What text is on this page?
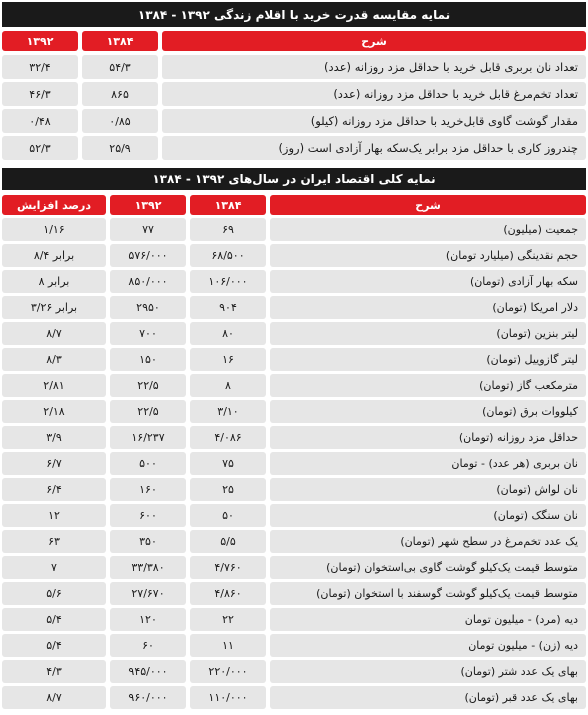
نمایه مقایسه قدرت خرید با اقلام زندگی ۱۳۹۲ - ۱۳۸۴
۱۳۹۲	۱۳۸۴	شرح
۳۲/۴	۵۴/۳	تعداد نان بربری قابل خرید با حداقل مزد روزانه (عدد)
۴۶/۳	۸۶۵	تعداد تخم‌مرغ قابل خرید با حداقل مزد روزانه (عدد)
۰/۴۸	۰/۸۵	مقدار گوشت گاوی قابل‌خرید با حداقل مزد روزانه (کیلو)
۵۲/۳	۲۵/۹	چندروز کاری با حداقل مزد برابر یک‌سکه بهار آزادی است (روز)
نمایه کلی اقتصاد ایران در سال‌های ۱۳۹۲ - ۱۳۸۴
درصد افزایش	۱۳۹۲	۱۳۸۴	شرح
۱/۱۶	۷۷	۶۹	جمعیت (میلیون)
۸/۴ برابر	۵۷۶/۰۰۰	۶۸/۵۰۰	حجم نقدینگی (میلیارد تومان)
۸ برابر	۸۵۰/۰۰۰	۱۰۶/۰۰۰	سکه بهار آزادی (تومان)
۳/۲۶ برابر	۲۹۵۰	۹۰۴	دلار امریکا (تومان)
۸/۷	۷۰۰	۸۰	لیتر بنزین (تومان)
۸/۳	۱۵۰	۱۶	لیتر گازوییل (تومان)
۲/۸۱	۲۲/۵	۸	مترمکعب گاز (تومان)
۲/۱۸	۲۲/۵	۳/۱۰	کیلووات برق (تومان)
۳/۹	۱۶/۲۳۷	۴/۰۸۶	حداقل مزد روزانه (تومان)
۶/۷	۵۰۰	۷۵	نان بربری (هر عدد) - تومان
۶/۴	۱۶۰	۲۵	نان لواش (تومان)
۱۲	۶۰۰	۵۰	نان سنگک (تومان)
۶۳	۳۵۰	۵/۵	یک عدد تخم‌مرغ در سطح شهر (تومان)
۷	۳۳/۳۸۰	۴/۷۶۰	متوسط قیمت یک‌کیلو گوشت گاوی بی‌استخوان (تومان)
۵/۶	۲۷/۶۷۰	۴/۸۶۰	متوسط قیمت یک‌کیلو گوشت گوسفند با استخوان (تومان)
۵/۴	۱۲۰	۲۲	دیه (مرد) - میلیون تومان
۵/۴	۶۰	۱۱	دیه (زن) - میلیون تومان
۴/۳	۹۴۵/۰۰۰	۲۲۰/۰۰۰	بهای یک عدد شتر (تومان)
۸/۷	۹۶۰/۰۰۰	۱۱۰/۰۰۰	بهای یک عدد قبر (تومان)
